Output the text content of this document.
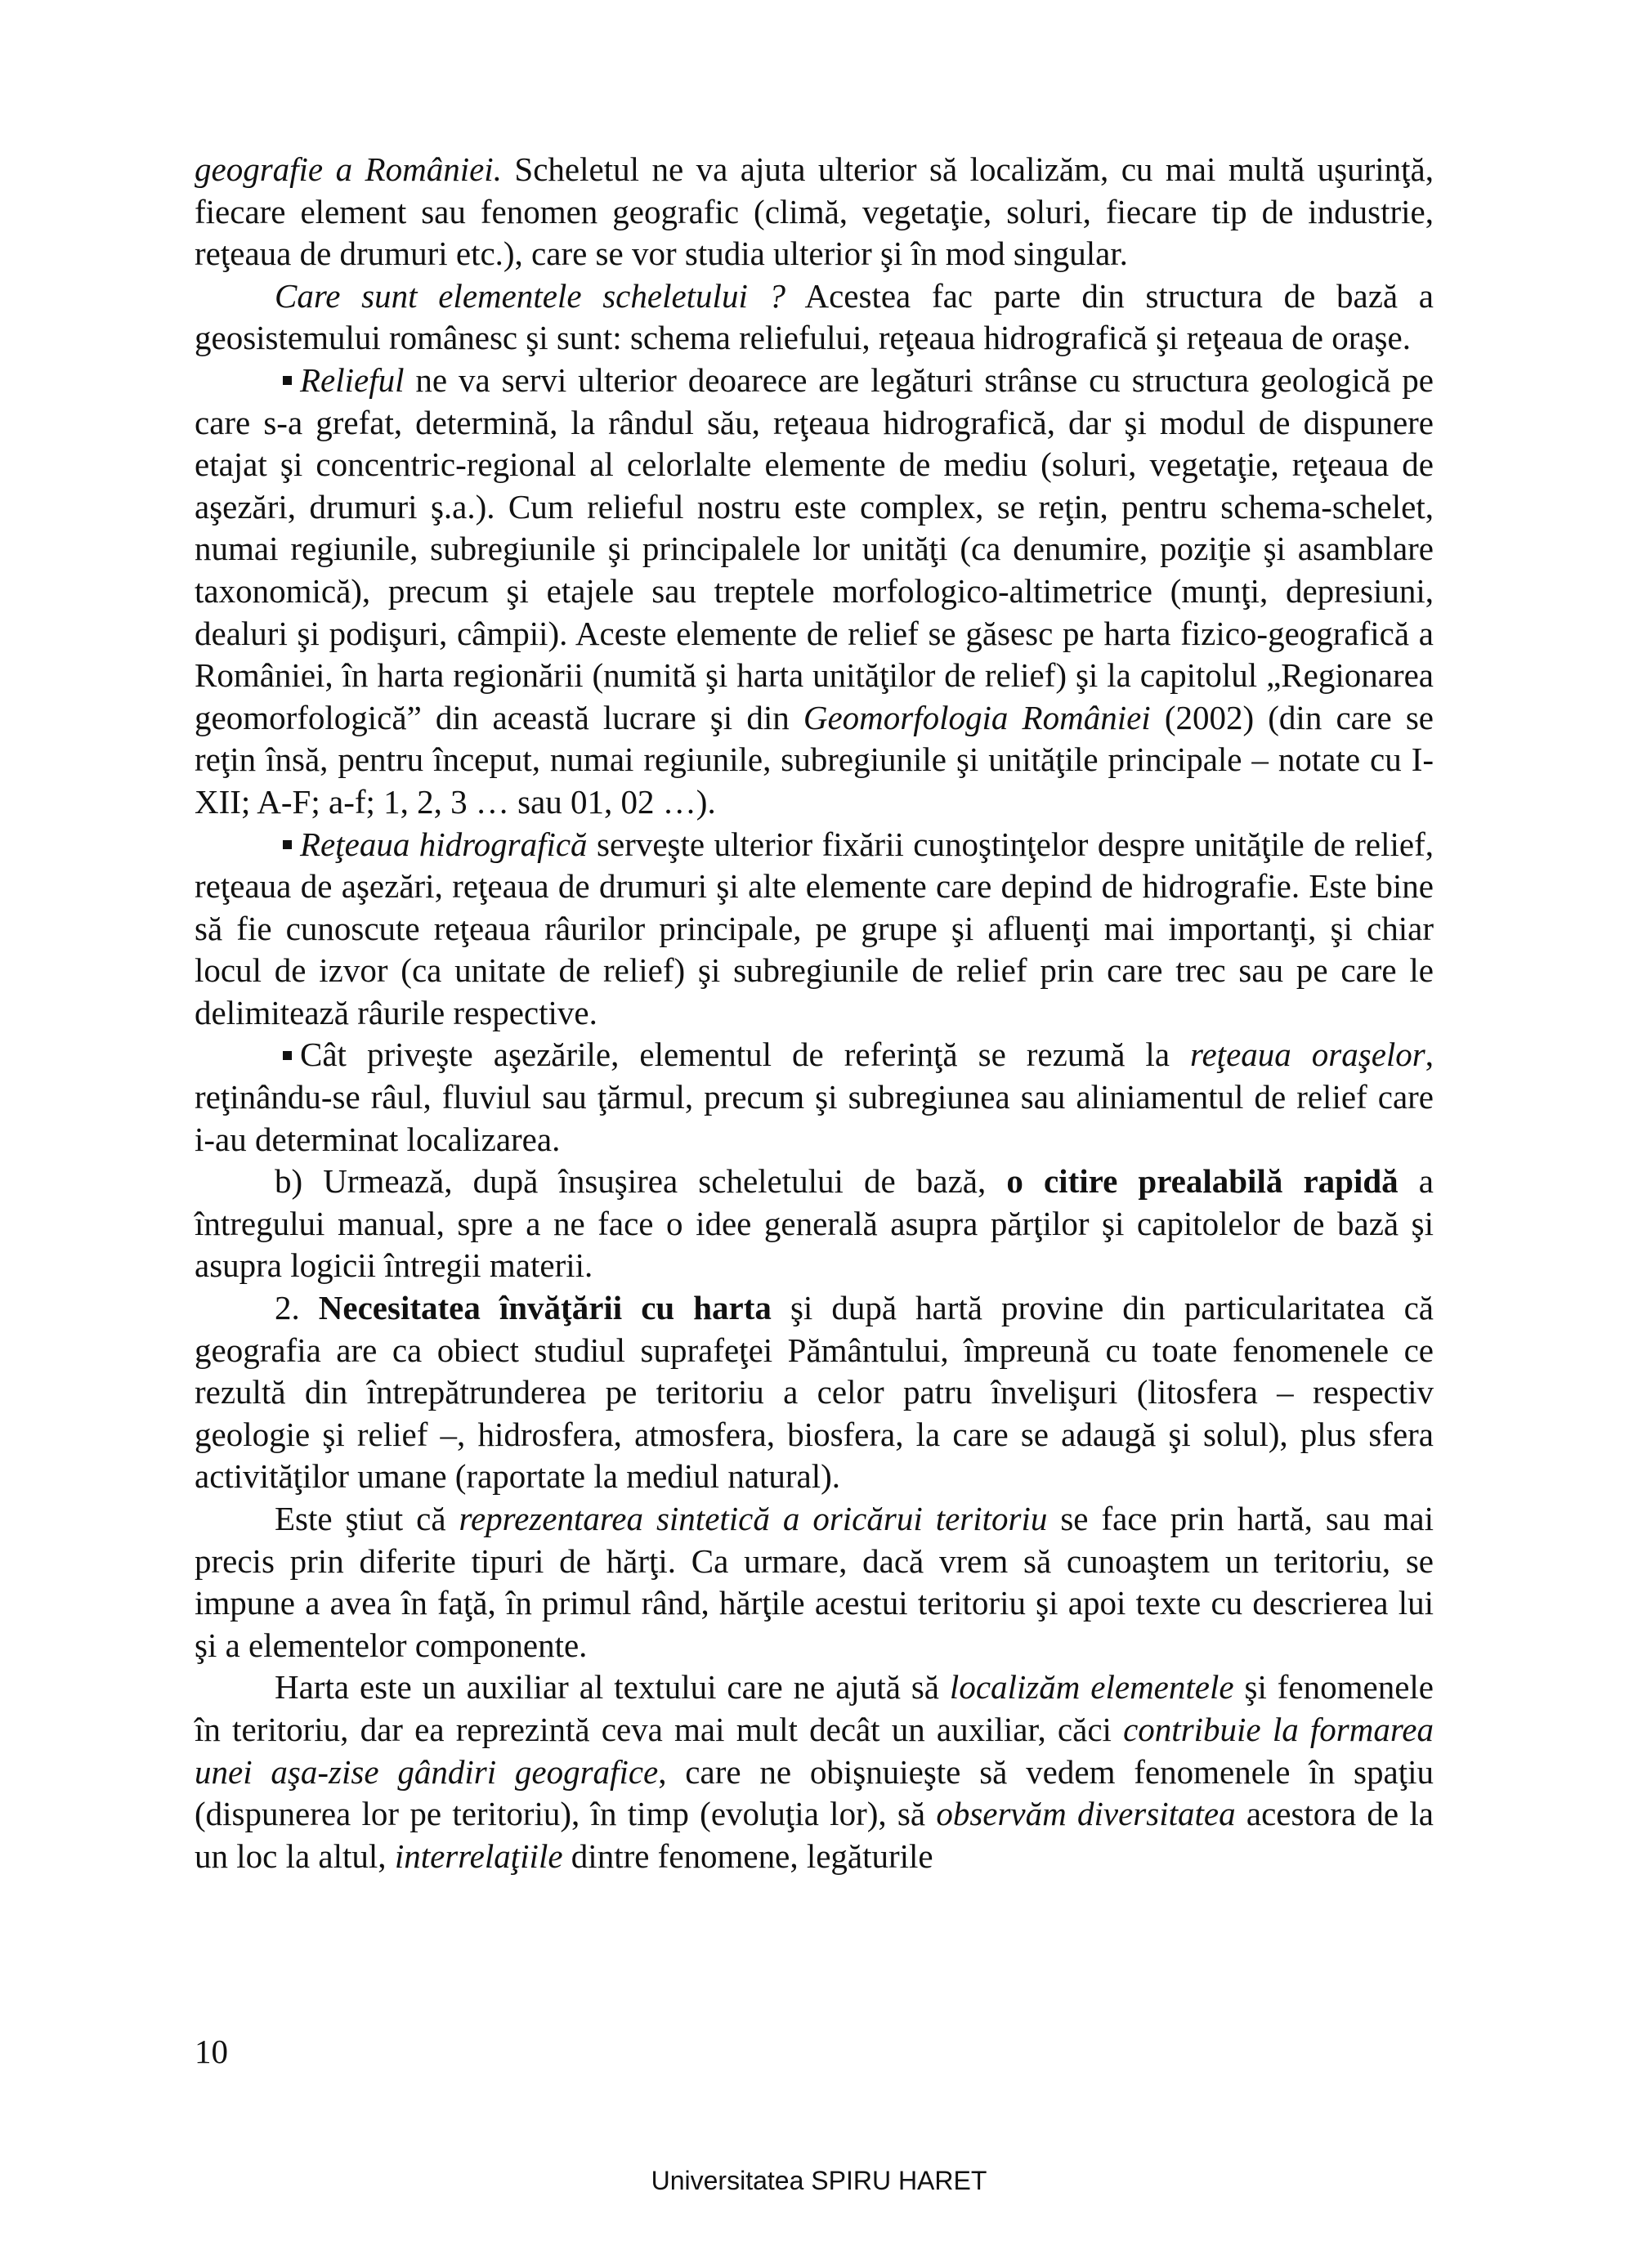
geografie a României. Scheletul ne va ajuta ulterior să localizăm, cu mai multă uşurinţă, fiecare element sau fenomen geografic (climă, vegetaţie, soluri, fiecare tip de industrie, reţeaua de drumuri etc.), care se vor studia ulterior şi în mod singular.

Care sunt elementele scheletului ? Acestea fac parte din structura de bază a geosistemului românesc şi sunt: schema reliefului, reţeaua hidrografică şi reţeaua de oraşe.

Relieful ne va servi ulterior deoarece are legături strânse cu structura geologică pe care s-a grefat, determină, la rândul său, reţeaua hidrografică, dar şi modul de dispunere etajat şi concentric-regional al celorlalte elemente de mediu (soluri, vegetaţie, reţeaua de aşezări, drumuri ş.a.). Cum relieful nostru este complex, se reţin, pentru schema-schelet, numai regiunile, subregiunile şi principalele lor unităţi (ca denumire, poziţie şi asamblare taxonomică), precum şi etajele sau treptele morfologico-altimetrice (munţi, depresiuni, dealuri şi podişuri, câmpii). Aceste elemente de relief se găsesc pe harta fizico-geografică a României, în harta regionării (numită şi harta unităţilor de relief) şi la capitolul „Regionarea geomorfologică” din această lucrare şi din Geomorfologia României (2002) (din care se reţin însă, pentru început, numai regiunile, subregiunile şi unităţile principale – notate cu I-XII; A-F; a-f; 1, 2, 3 … sau 01, 02 …).

Reţeaua hidrografică serveşte ulterior fixării cunoştinţelor despre unităţile de relief, reţeaua de aşezări, reţeaua de drumuri şi alte elemente care depind de hidrografie. Este bine să fie cunoscute reţeaua râurilor principale, pe grupe şi afluenţi mai importanţi, şi chiar locul de izvor (ca unitate de relief) şi subregiunile de relief prin care trec sau pe care le delimitează râurile respective.

Cât priveşte aşezările, elementul de referinţă se rezumă la reţeaua oraşelor, reţinându-se râul, fluviul sau ţărmul, precum şi subregiunea sau aliniamentul de relief care i-au determinat localizarea.

b) Urmează, după însuşirea scheletului de bază, o citire prealabilă rapidă a întregului manual, spre a ne face o idee generală asupra părţilor şi capitolelor de bază şi asupra logicii întregii materii.

2. Necesitatea învăţării cu harta şi după hartă provine din particularitatea că geografia are ca obiect studiul suprafeţei Pământului, împreună cu toate fenomenele ce rezultă din întrepătrunderea pe teritoriu a celor patru învelişuri (litosfera – respectiv geologie şi relief –, hidrosfera, atmosfera, biosfera, la care se adaugă şi solul), plus sfera activităţilor umane (raportate la mediul natural).

Este ştiut că reprezentarea sintetică a oricărui teritoriu se face prin hartă, sau mai precis prin diferite tipuri de hărţi. Ca urmare, dacă vrem să cunoaştem un teritoriu, se impune a avea în faţă, în primul rând, hărţile acestui teritoriu şi apoi texte cu descrierea lui şi a elementelor componente.

Harta este un auxiliar al textului care ne ajută să localizăm elementele şi fenomenele în teritoriu, dar ea reprezintă ceva mai mult decât un auxiliar, căci contribuie la formarea unei aşa-zise gândiri geografice, care ne obişnuieşte să vedem fenomenele în spaţiu (dispunerea lor pe teritoriu), în timp (evoluţia lor), să observăm diversitatea acestora de la un loc la altul, interrelaţiile dintre fenomene, legăturile

10
Universitatea SPIRU HARET
